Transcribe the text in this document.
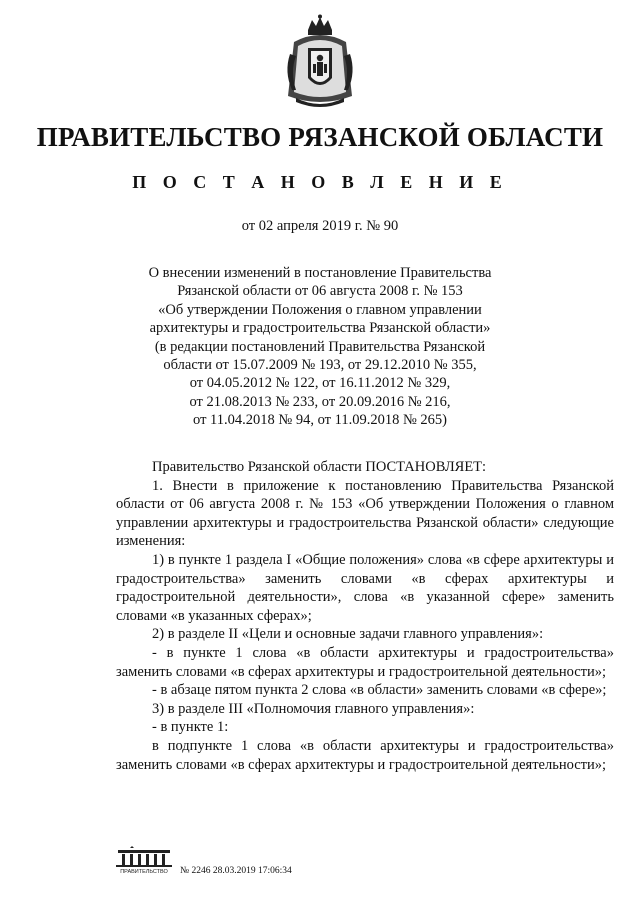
ПРАВИТЕЛЬСТВО РЯЗАНСКОЙ ОБЛАСТИ
П О С Т А Н О В Л Е Н И Е
от 02 апреля 2019 г. № 90
О внесении изменений в постановление Правительства
Рязанской области от 06 августа 2008 г. № 153
«Об утверждении Положения о главном управлении
архитектуры и градостроительства Рязанской области»
(в редакции постановлений Правительства Рязанской
области от 15.07.2009 № 193, от 29.12.2010 № 355,
от 04.05.2012 № 122, от 16.11.2012 № 329,
от 21.08.2013 № 233, от 20.09.2016 № 216,
от 11.04.2018 № 94, от 11.09.2018 № 265)

Правительство Рязанской области ПОСТАНОВЛЯЕТ:

1. Внести в приложение к постановлению Правительства Рязанской области от 06 августа 2008 г. № 153 «Об утверждении Положения о главном управлении архитектуры и градостроительства Рязанской области» следующие изменения:

1) в пункте 1 раздела I «Общие положения» слова «в сфере архитектуры и градостроительства» заменить словами «в сферах архитектуры и градостроительной деятельности», слова «в указанной сфере» заменить словами «в указанных сферах»;

2) в разделе II «Цели и основные задачи главного управления»:

- в пункте 1 слова «в области архитектуры и градостроительства» заменить словами «в сферах архитектуры и градостроительной деятельности»;

- в абзаце пятом пункта 2 слова «в области» заменить словами «в сфере»;

3) в разделе III «Полномочия главного управления»:

- в пункте 1:

в подпункте 1 слова «в области архитектуры и градостроительства» заменить словами «в сферах архитектуры и градостроительной деятельности»;

ПРАВИТЕЛЬСТВО № 2246 28.03.2019 17:06:34
